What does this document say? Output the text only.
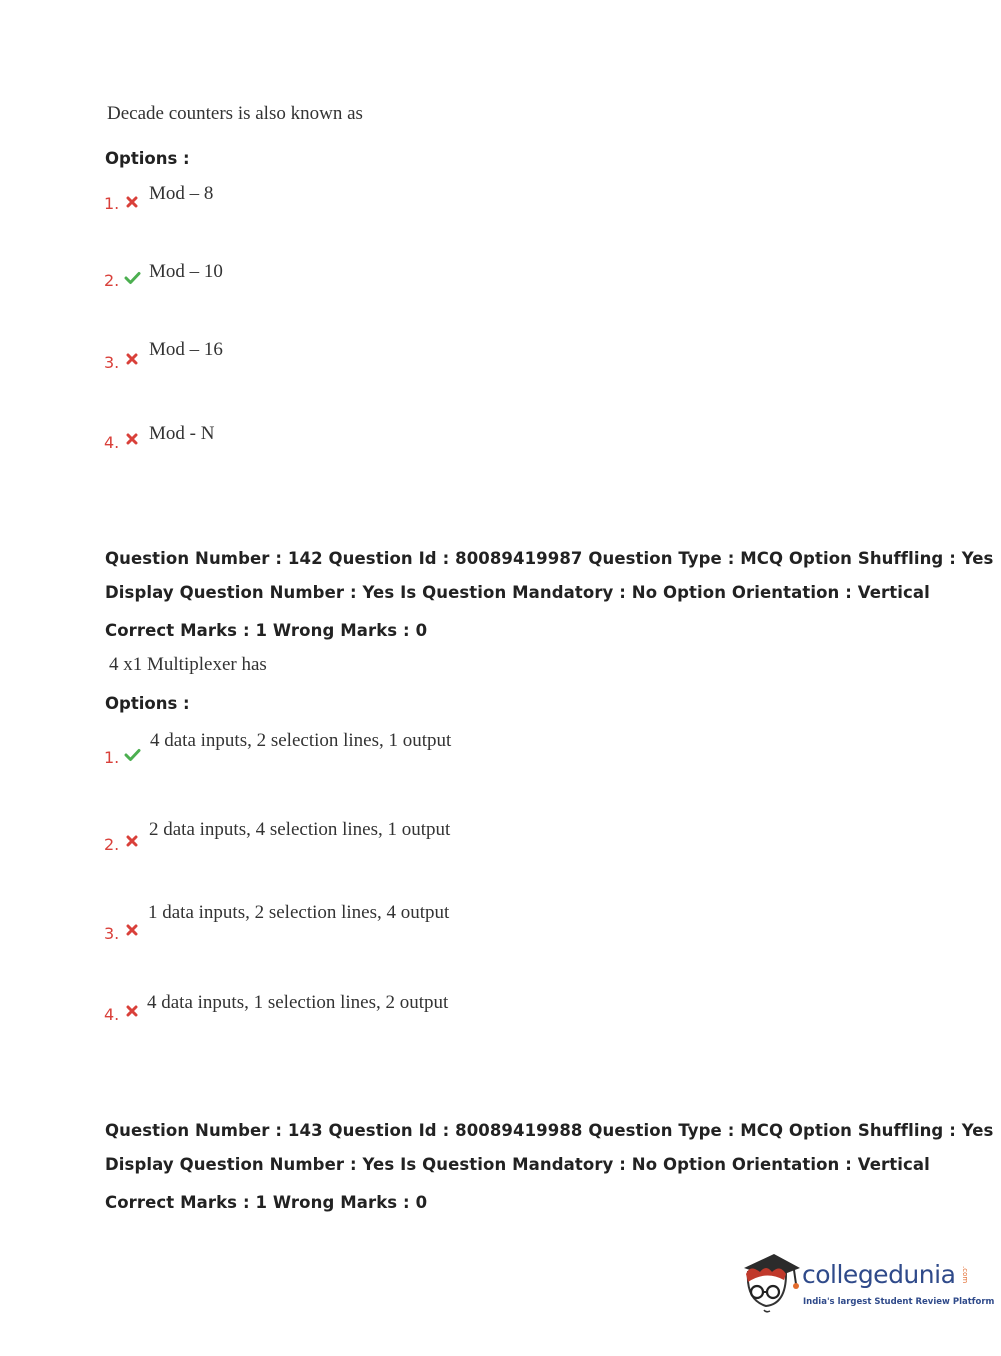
Decade counters is also known as
Options :
1. Mod – 8
2. Mod – 10
3.
Mod – 16
4. Mod - N
Question Number : 142 Question Id : 80089419987 Question Type : MCQ Option Shuffling : Yes
Display Question Number : Yes Is Question Mandatory : No Option Orientation : Vertical
Correct Marks : 1 Wrong Marks : 0
4 x1 Multiplexer has
Options :
1.
4 data inputs, 2 selection lines, 1 output
2.
2 data inputs, 4 selection lines, 1 output
3.
1 data inputs, 2 selection lines, 4 output
4.
4 data inputs, 1 selection lines, 2 output
Question Number : 143 Question Id : 80089419988 Question Type : MCQ Option Shuffling : Yes
Display Question Number : Yes Is Question Mandatory : No Option Orientation : Vertical
Correct Marks : 1 Wrong Marks : 0
collegedunia .com
India's largest Student Review Platform
